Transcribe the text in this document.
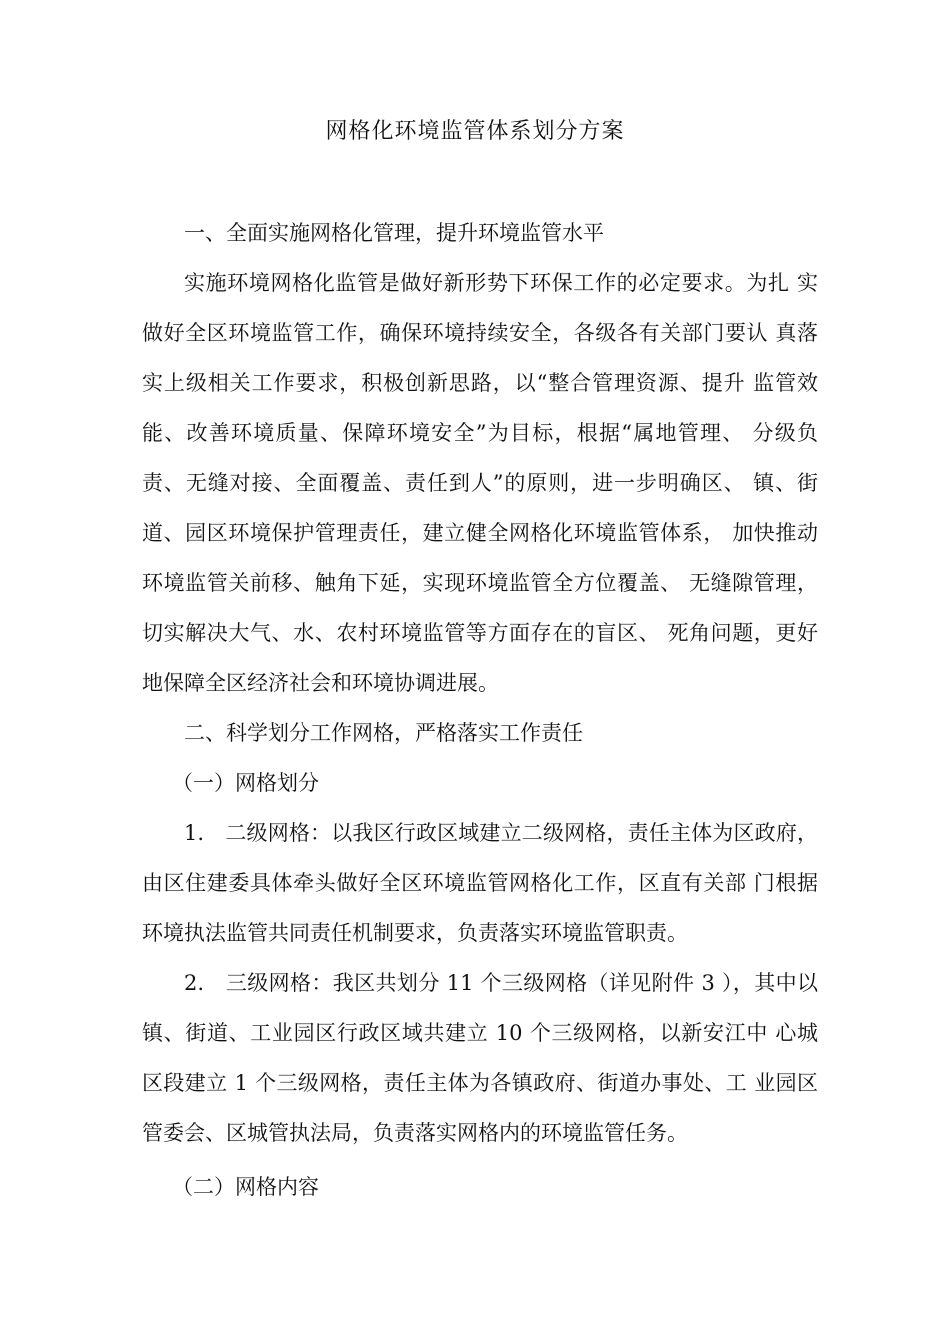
网格化环境监管体系划分方案

一、全面实施网格化管理，提升环境监管水平

实施环境网格化监管是做好新形势下环保工作的必定要求。为扎 实做好全区环境监管工作，确保环境持续安全，各级各有关部门要认 真落实上级相关工作要求，积极创新思路，以“整合管理资源、提升 监管效能、改善环境质量、保障环境安全”为目标，根据“属地管理、 分级负责、无缝对接、全面覆盖、责任到人”的原则，进一步明确区、 镇、街道、园区环境保护管理责任，建立健全网格化环境监管体系， 加快推动环境监管关前移、触角下延，实现环境监管全方位覆盖、 无缝隙管理，切实解决大气、水、农村环境监管等方面存在的盲区、 死角问题，更好地保障全区经济社会和环境协调进展。

二、科学划分工作网格，严格落实工作责任

（一）网格划分

1.　二级网格：以我区行政区域建立二级网格，责任主体为区政府，由区住建委具体牵头做好全区环境监管网格化工作，区直有关部 门根据环境执法监管共同责任机制要求，负责落实环境监管职责。

2.　三级网格：我区共划分 11 个三级网格（详见附件 3 ），其中以镇、街道、工业园区行政区域共建立 10 个三级网格，以新安江中 心城区段建立 1 个三级网格，责任主体为各镇政府、街道办事处、工 业园区管委会、区城管执法局，负责落实网格内的环境监管任务。

（二）网格内容
